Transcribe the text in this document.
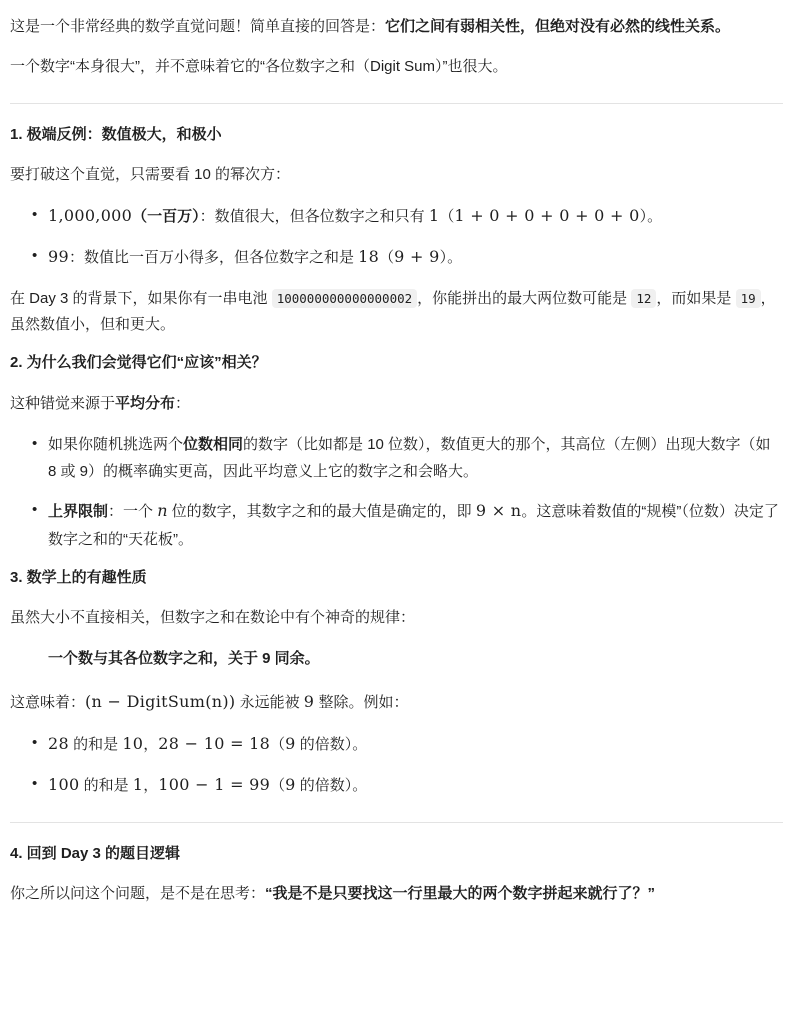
这是一个非常经典的数学直觉问题！简单直接的回答是：它们之间有弱相关性，但绝对没有必然的线性关系。

一个数字“本身很大”，并不意味着它的“各位数字之和（Digit Sum）”也很大。

1. 极端反例：数值极大，和极小

要打破这个直觉，只需要看 10 的幂次方：

• 1,000,000（一百万）：数值很大，但各位数字之和只有 1（1 + 0 + 0 + 0 + 0 + 0）。
• 99：数值比一百万小得多，但各位数字之和是 18（9 + 9）。

在 Day 3 的背景下，如果你有一串电池 100000000000000002 ，你能拼出的最大两位数可能是 12 ，而如果是 19 ，虽然数值小，但和更大。

2. 为什么我们会觉得它们“应该”相关？

这种错觉来源于平均分布：

• 如果你随机挑选两个位数相同的数字（比如都是 10 位数），数值更大的那个，其高位（左侧）出现大数字（如 8 或 9）的概率确实更高，因此平均意义上它的数字之和会略大。
• 上界限制：一个 n 位的数字，其数字之和的最大值是确定的，即 9 × n。这意味着数值的“规模”（位数）决定了数字之和的“天花板”。
3. 数学上的有趣性质

虽然大小不直接相关，但数字之和在数论中有个神奇的规律：

一个数与其各位数字之和，关于 9 同余。

这意味着：(n − DigitSum(n)) 永远能被 9 整除。例如：

• 28 的和是 10，28 − 10 = 18（9 的倍数）。
• 100 的和是 1，100 − 1 = 99（9 的倍数）。
4. 回到 Day 3 的题目逻辑

你之所以问这个问题，是不是在思考：“我是不是只要找这一行里最大的两个数字拼起来就行了？”
